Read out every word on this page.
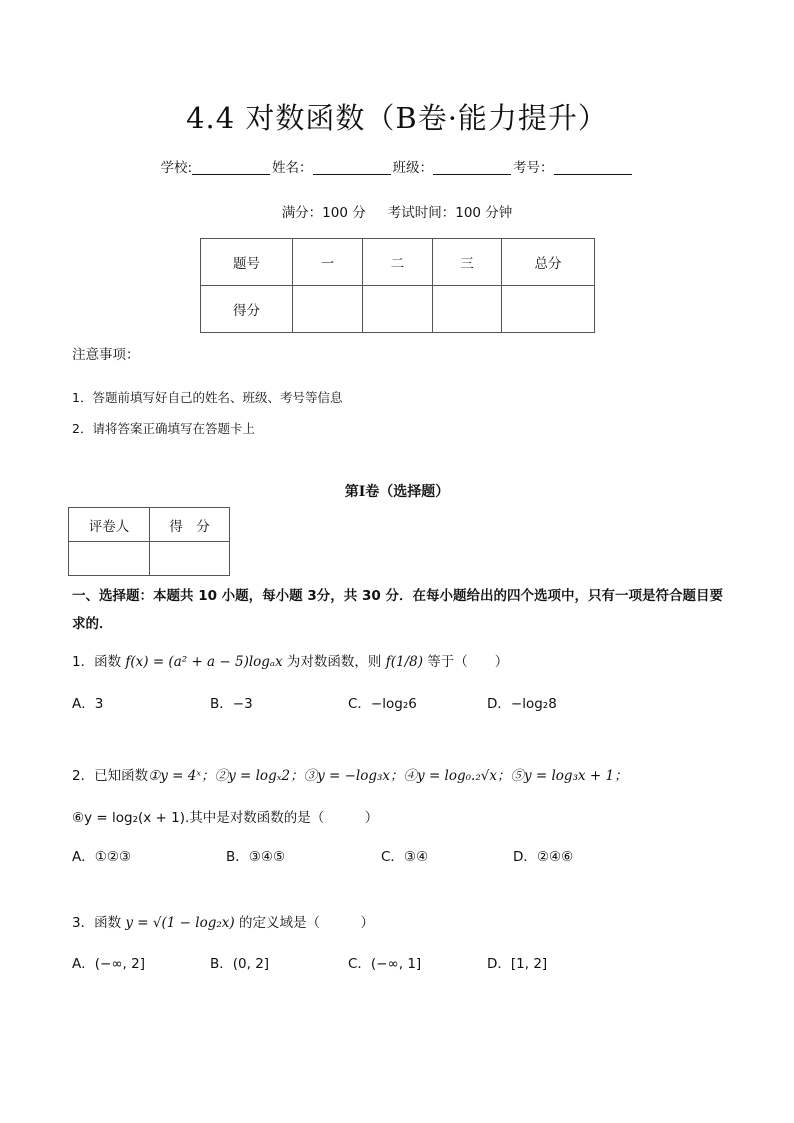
4.4 对数函数（B卷·能力提升）
学校:	姓名：	班级：	考号：
满分：100 分 考试时间：100 分钟
题号	一	二	三	总分
得分				
注意事项：
1．答题前填写好自己的姓名、班级、考号等信息
2．请将答案正确填写在答题卡上
第Ⅰ卷（选择题）
评卷人	得　分

一、选择题：本题共 10 小题，每小题 3分，共 30 分．在每小题给出的四个选项中，只有一项是符合题目要求的．
1．函数 f(x) = (a² + a − 5)logₐx 为对数函数，则 f(1/8) 等于（　　）
A．3	B．−3	C．−log₂6	D．−log₂8
2．已知函数①y = 4ˣ；②y = logₓ2；③y = −log₃x；④y = log₀.₂√x；⑤y = log₃x + 1；
⑥y = log₂(x + 1).其中是对数函数的是（　　　）
A．①②③	B．③④⑤	C．③④	D．②④⑥
3．函数 y = √(1 − log₂x) 的定义域是（　　　）
A．(−∞, 2]	B．(0, 2]	C．(−∞, 1]	D．[1, 2]
